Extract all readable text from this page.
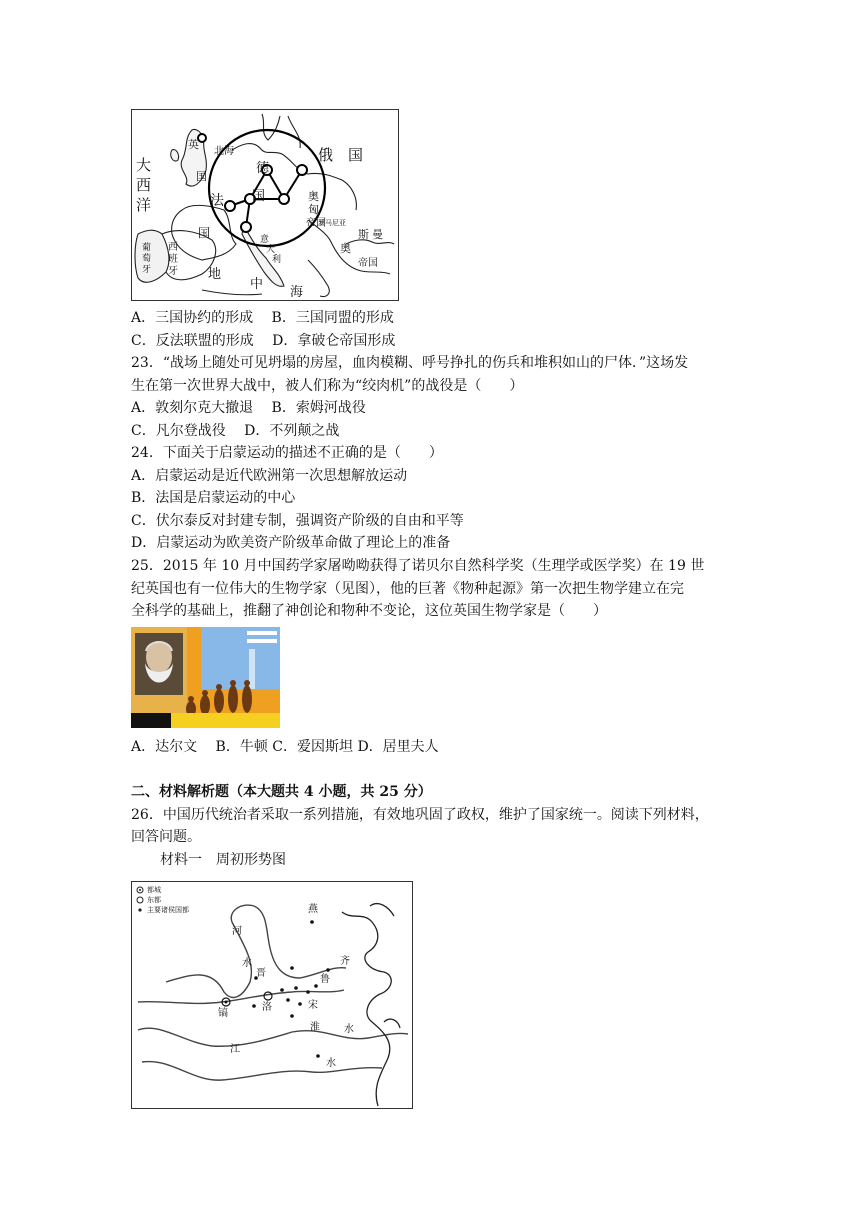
大
西
洋
英
北海
德
国
俄　国
国
法
国
奥
匈
帝国
罗马尼亚
西
班
牙
葡
萄
牙
意
大
利
斯 曼
奥
帝国
地
中
海
A．三国协约的形成　 B．三国同盟的形成
C．反法联盟的形成　 D．拿破仑帝国形成
23．“战场上随处可见坍塌的房屋，血肉模糊、呼号挣扎的伤兵和堆积如山的尸体．”这场发
生在第一次世界大战中，被人们称为“绞肉机”的战役是（　　）
A．敦刻尔克大撤退　 B．索姆河战役
C．凡尔登战役　 D．不列颠之战
24．下面关于启蒙运动的描述不正确的是（　　）
A．启蒙运动是近代欧洲第一次思想解放运动
B．法国是启蒙运动的中心
C．伏尔泰反对封建专制，强调资产阶级的自由和平等
D．启蒙运动为欧美资产阶级革命做了理论上的准备
25．2015 年 10 月中国药学家屠呦呦获得了诺贝尔自然科学奖（生理学或医学奖）在 19 世
纪英国也有一位伟大的生物学家（见图），他的巨著《物种起源》第一次把生物学建立在完
全科学的基础上，推翻了神创论和物种不变论，这位英国生物学家是（　　）
A．达尔文　 B．牛顿 C．爱因斯坦 D．居里夫人
二、材料解析题（本大题共 4 小题，共 25 分）
26．中国历代统治者采取一系列措施，有效地巩固了政权，维护了国家统一。阅读下列材料，
回答问题。
材料一　周初形势图
都城
东都
主要诸侯国都	燕
河
水
晋
齐
鲁
镐
洛	宋
淮 水
江
水
